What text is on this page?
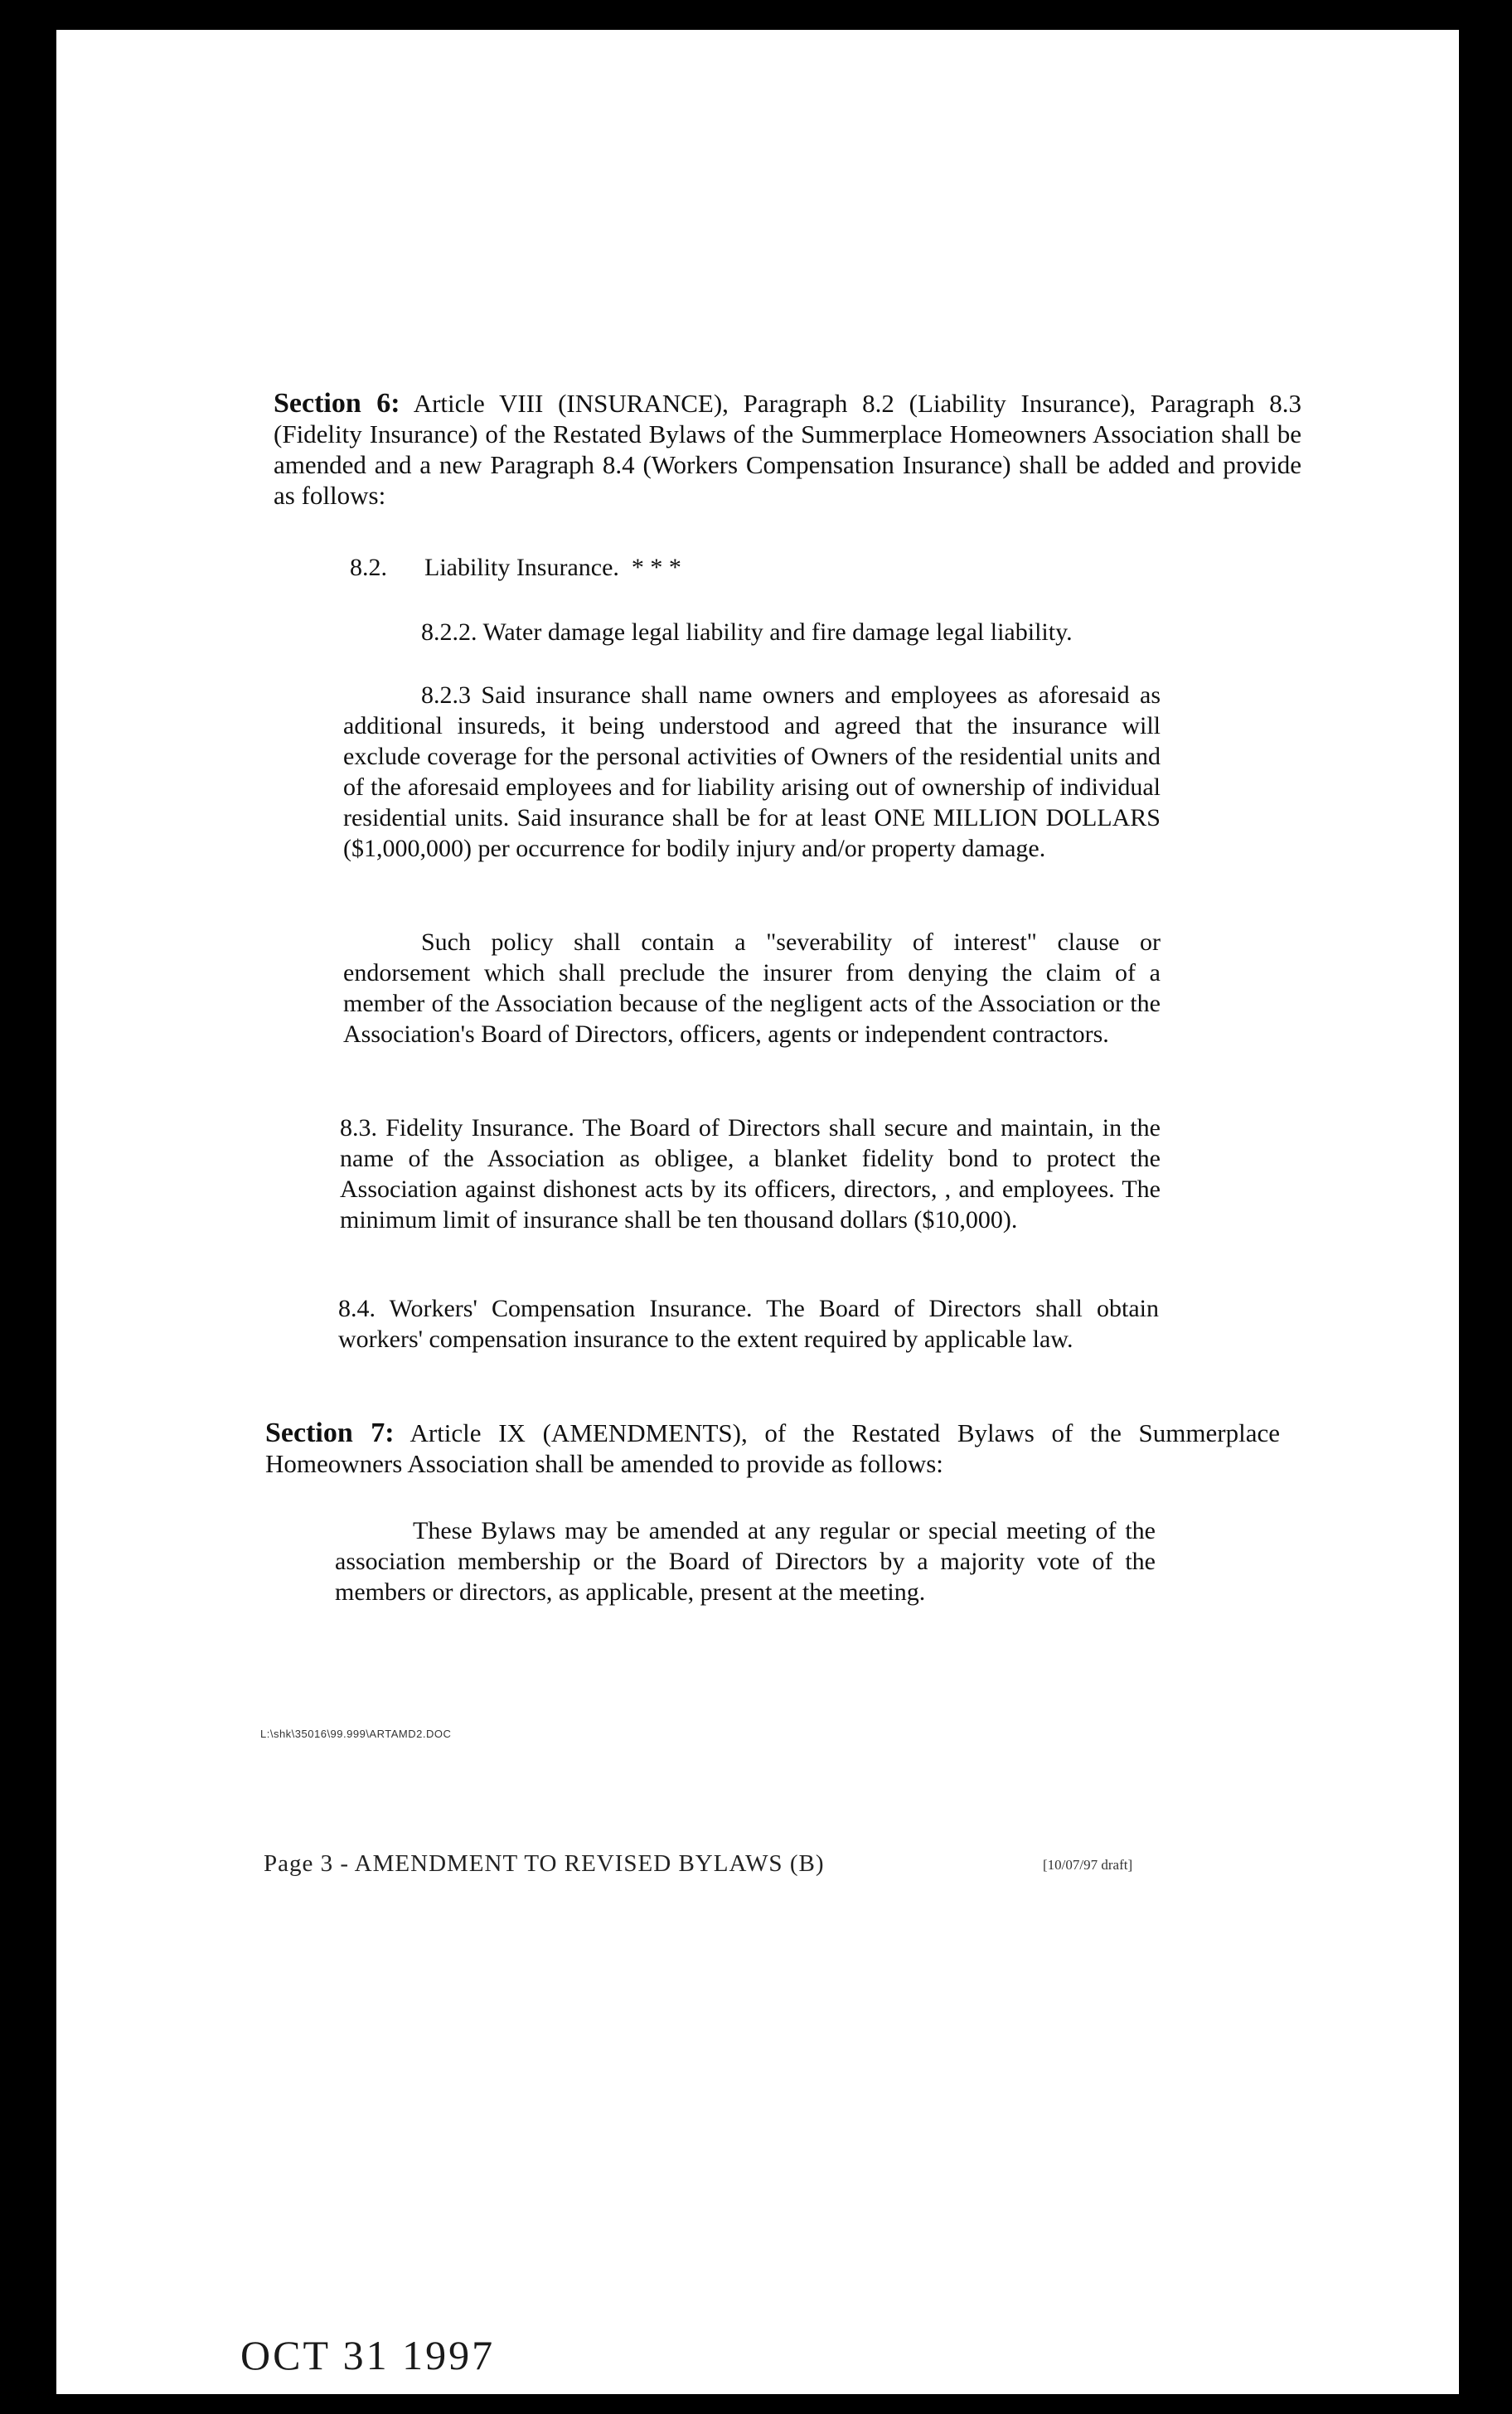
Section 6: Article VIII (INSURANCE), Paragraph 8.2 (Liability Insurance), Paragraph 8.3 (Fidelity Insurance) of the Restated Bylaws of the Summerplace Homeowners Association shall be amended and a new Paragraph 8.4 (Workers Compensation Insurance) shall be added and provide as follows:
8.2.      Liability Insurance.  * * *
8.2.2. Water damage legal liability and fire damage legal liability.
8.2.3 Said insurance shall name owners and employees as aforesaid as additional insureds, it being understood and agreed that the insurance will exclude coverage for the personal activities of Owners of the residential units and of the aforesaid employees and for liability arising out of ownership of individual residential units. Said insurance shall be for at least ONE MILLION DOLLARS ($1,000,000) per occurrence for bodily injury and/or property damage.
Such policy shall contain a "severability of interest" clause or endorsement which shall preclude the insurer from denying the claim of a member of the Association because of the negligent acts of the Association or the Association's Board of Directors, officers, agents or independent contractors.
8.3. Fidelity Insurance. The Board of Directors shall secure and maintain, in the name of the Association as obligee, a blanket fidelity bond to protect the Association against dishonest acts by its officers, directors, , and employees. The minimum limit of insurance shall be ten thousand dollars ($10,000).
8.4. Workers' Compensation Insurance. The Board of Directors shall obtain workers' compensation insurance to the extent required by applicable law.
Section 7: Article IX (AMENDMENTS), of the Restated Bylaws of the Summerplace Homeowners Association shall be amended to provide as follows:
These Bylaws may be amended at any regular or special meeting of the association membership or the Board of Directors by a majority vote of the members or directors, as applicable, present at the meeting.
L:\shk\35016\99.999\ARTAMD2.DOC
Page 3 - AMENDMENT TO REVISED BYLAWS (B)	[10/07/97 draft]
OCT 31 1997
